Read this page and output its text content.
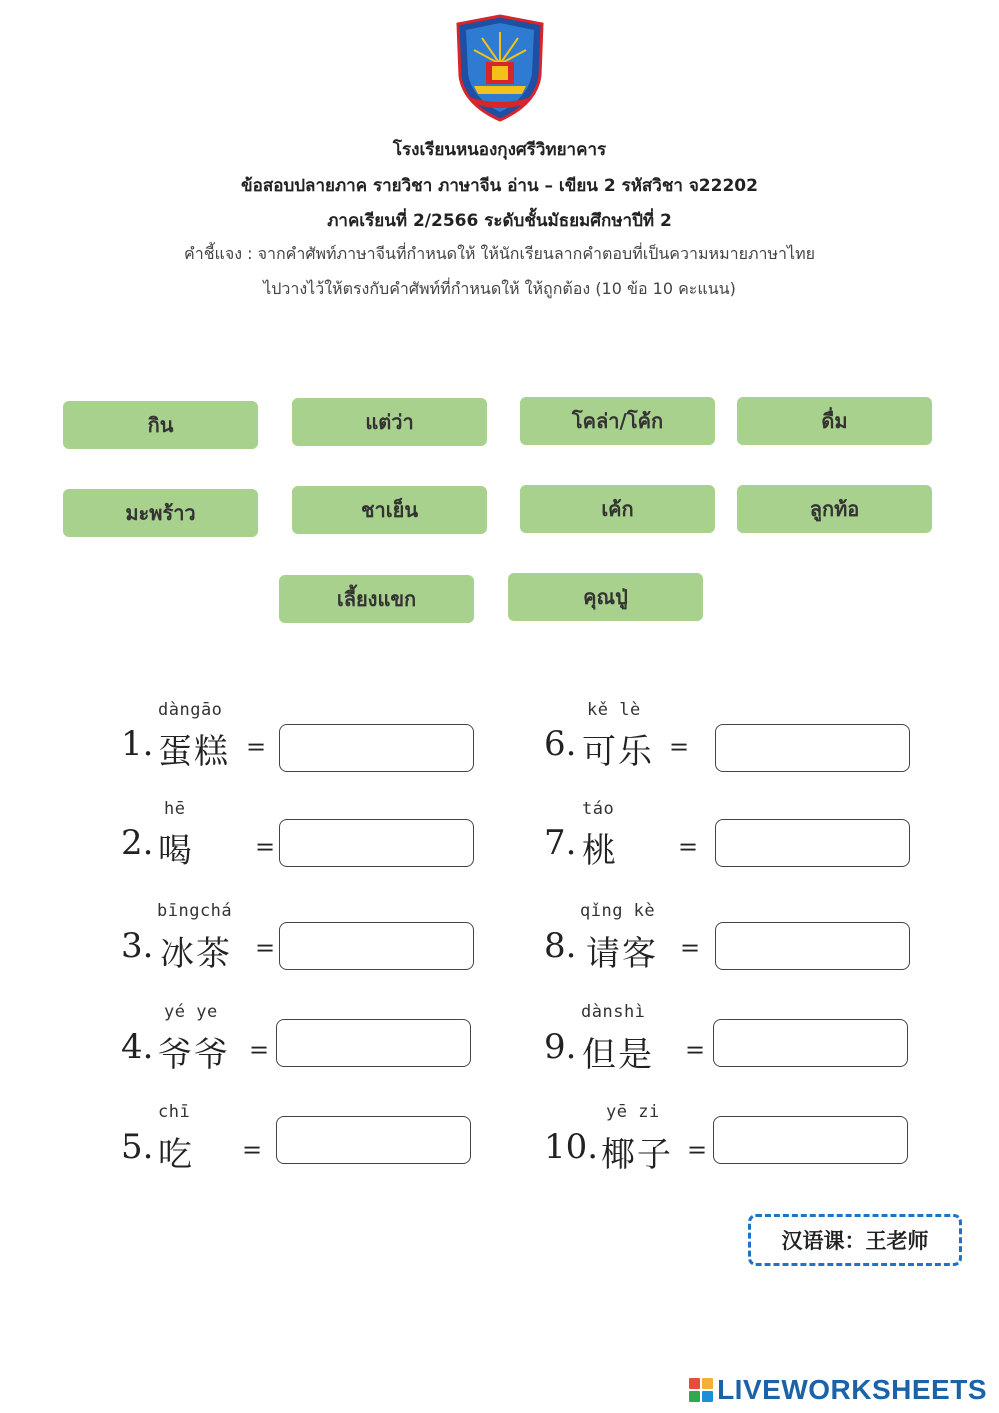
โรงเรียนหนองกุงศรีวิทยาคาร
ข้อสอบปลายภาค รายวิชา ภาษาจีน อ่าน – เขียน 2 รหัสวิชา จ22202
ภาคเรียนที่ 2/2566 ระดับชั้นมัธยมศึกษาปีที่ 2
คำชี้แจง : จากคำศัพท์ภาษาจีนที่กำหนดให้ ให้นักเรียนลากคำตอบที่เป็นความหมายภาษาไทย
ไปวางไว้ให้ตรงกับคำศัพท์ที่กำหนดให้ ให้ถูกต้อง (10 ข้อ 10 คะแนน)
กิน	แต่ว่า	โคล่า/โค้ก	ดื่ม
มะพร้าว	ชาเย็น	เค้ก	ลูกท้อ
เลี้ยงแขก	คุณปู่
dàngāo
1. 蛋糕 =
hē
2. 喝	=
bīngchá
3. 冰茶 =
yé ye
4. 爷爷 =
chī
5. 吃 =
kě lè
6. 可乐 =
táo
7. 桃	=
qǐng kè
8. 请客 =
dànshì
9. 但是 =
yē zi
10. 椰子 =
汉语课：王老师
LIVEWORKSHEETS
